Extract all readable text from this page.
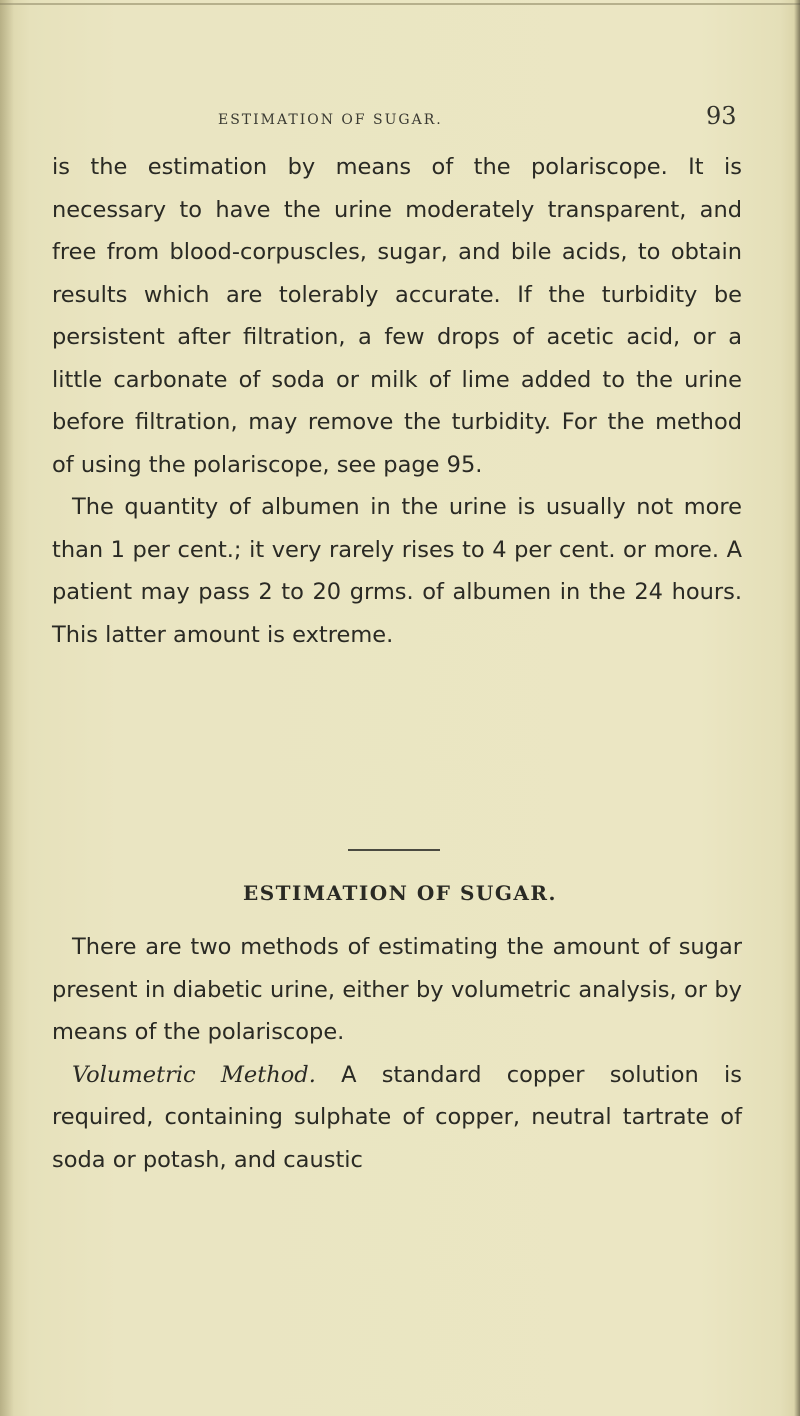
ESTIMATION OF SUGAR.	93

is the estimation by means of the polariscope. It is necessary to have the urine moderately transparent, and free from blood-corpuscles, sugar, and bile acids, to obtain results which are tolerably accurate. If the turbidity be persistent after filtration, a few drops of acetic acid, or a little carbonate of soda or milk of lime added to the urine before filtration, may remove the turbidity. For the method of using the polariscope, see page 95.

The quantity of albumen in the urine is usually not more than 1 per cent.; it very rarely rises to 4 per cent. or more. A patient may pass 2 to 20 grms. of albumen in the 24 hours. This latter amount is extreme.

ESTIMATION OF SUGAR.

There are two methods of estimating the amount of sugar present in diabetic urine, either by volumetric analysis, or by means of the polariscope.

Volumetric Method. A standard copper solution is required, containing sulphate of copper, neutral tartrate of soda or potash, and caustic
